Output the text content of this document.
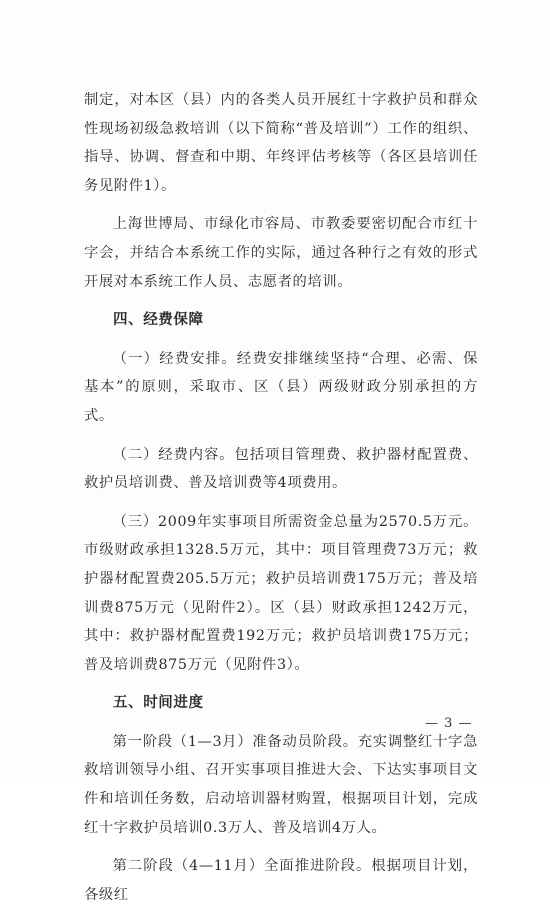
制定，对本区（县）内的各类人员开展红十字救护员和群众性现场初级急救培训（以下简称“普及培训”）工作的组织、指导、协调、督查和中期、年终评估考核等（各区县培训任务见附件1）。

上海世博局、市绿化市容局、市教委要密切配合市红十字会，并结合本系统工作的实际，通过各种行之有效的形式开展对本系统工作人员、志愿者的培训。

四、经费保障

（一）经费安排。经费安排继续坚持“合理、必需、保基本”的原则，采取市、区（县）两级财政分别承担的方式。

（二）经费内容。包括项目管理费、救护器材配置费、救护员培训费、普及培训费等4项费用。

（三）2009年实事项目所需资金总量为2570.5万元。市级财政承担1328.5万元，其中：项目管理费73万元；救护器材配置费205.5万元；救护员培训费175万元；普及培训费875万元（见附件2）。区（县）财政承担1242万元，其中：救护器材配置费192万元；救护员培训费175万元；普及培训费875万元（见附件3）。

五、时间进度

第一阶段（1—3月）准备动员阶段。充实调整红十字急救培训领导小组、召开实事项目推进大会、下达实事项目文件和培训任务数，启动培训器材购置，根据项目计划，完成红十字救护员培训0.3万人、普及培训4万人。

第二阶段（4—11月）全面推进阶段。根据项目计划，各级红

— 3 —
